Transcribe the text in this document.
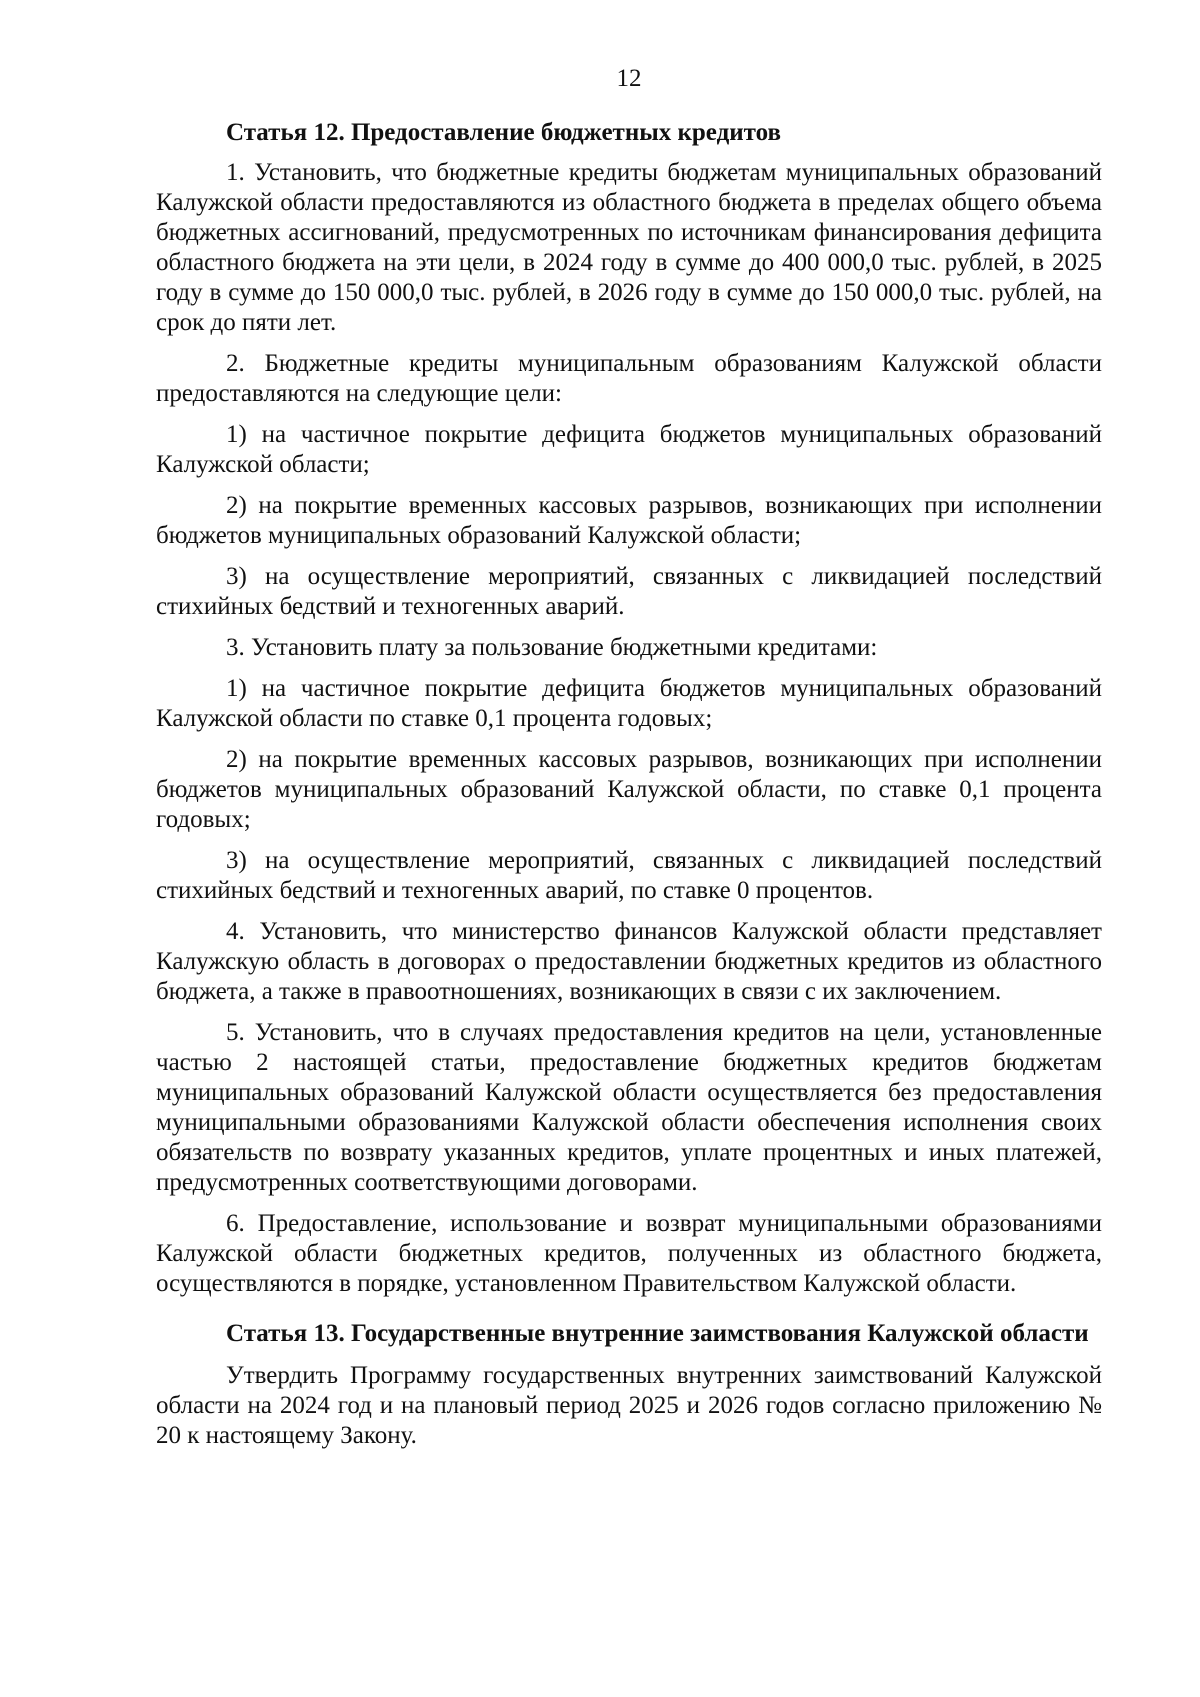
12
Статья 12. Предоставление бюджетных кредитов

1. Установить, что бюджетные кредиты бюджетам муниципальных образований Калужской области предоставляются из областного бюджета в пределах общего объема бюджетных ассигнований, предусмотренных по источникам финансирования дефицита областного бюджета на эти цели, в 2024 году в сумме до 400 000,0 тыс. рублей, в 2025 году в сумме до 150 000,0 тыс. рублей, в 2026 году в сумме до 150 000,0 тыс. рублей, на срок до пяти лет.

2. Бюджетные кредиты муниципальным образованиям Калужской области предоставляются на следующие цели:

1) на частичное покрытие дефицита бюджетов муниципальных образований Калужской области;

2) на покрытие временных кассовых разрывов, возникающих при исполнении бюджетов муниципальных образований Калужской области;

3) на осуществление мероприятий, связанных с ликвидацией последствий стихийных бедствий и техногенных аварий.

3. Установить плату за пользование бюджетными кредитами:

1) на частичное покрытие дефицита бюджетов муниципальных образований Калужской области по ставке 0,1 процента годовых;

2) на покрытие временных кассовых разрывов, возникающих при исполнении бюджетов муниципальных образований Калужской области, по ставке 0,1 процента годовых;

3) на осуществление мероприятий, связанных с ликвидацией последствий стихийных бедствий и техногенных аварий, по ставке 0 процентов.

4. Установить, что министерство финансов Калужской области представляет Калужскую область в договорах о предоставлении бюджетных кредитов из областного бюджета, а также в правоотношениях, возникающих в связи с их заключением.

5. Установить, что в случаях предоставления кредитов на цели, установленные частью 2 настоящей статьи, предоставление бюджетных кредитов бюджетам муниципальных образований Калужской области осуществляется без предоставления муниципальными образованиями Калужской области обеспечения исполнения своих обязательств по возврату указанных кредитов, уплате процентных и иных платежей, предусмотренных соответствующими договорами.

6. Предоставление, использование и возврат муниципальными образованиями Калужской области бюджетных кредитов, полученных из областного бюджета, осуществляются в порядке, установленном Правительством Калужской области.

Статья 13. Государственные внутренние заимствования Калужской области

Утвердить Программу государственных внутренних заимствований Калужской области на 2024 год и на плановый период 2025 и 2026 годов согласно приложению № 20 к настоящему Закону.
